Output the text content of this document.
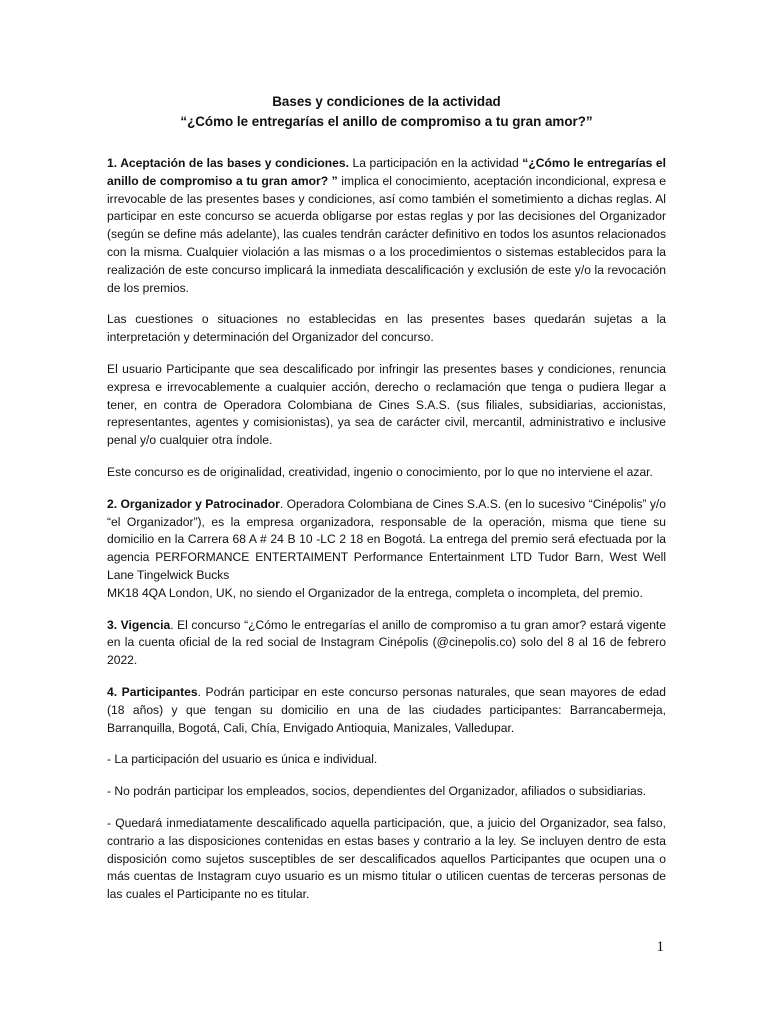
Bases y condiciones de la actividad
“¿Cómo le entregarías el anillo de compromiso a tu gran amor?”

1. Aceptación de las bases y condiciones. La participación en la actividad “¿Cómo le entregarías el anillo de compromiso a tu gran amor? ” implica el conocimiento, aceptación incondicional, expresa e irrevocable de las presentes bases y condiciones, así como también el sometimiento a dichas reglas. Al participar en este concurso se acuerda obligarse por estas reglas y por las decisiones del Organizador (según se define más adelante), las cuales tendrán carácter definitivo en todos los asuntos relacionados con la misma. Cualquier violación a las mismas o a los procedimientos o sistemas establecidos para la realización de este concurso implicará la inmediata descalificación y exclusión de este y/o la revocación de los premios.

Las cuestiones o situaciones no establecidas en las presentes bases quedarán sujetas a la interpretación y determinación del Organizador del concurso.

El usuario Participante que sea descalificado por infringir las presentes bases y condiciones, renuncia expresa e irrevocablemente a cualquier acción, derecho o reclamación que tenga o pudiera llegar a tener, en contra de Operadora Colombiana de Cines S.A.S. (sus filiales, subsidiarias, accionistas, representantes, agentes y comisionistas), ya sea de carácter civil, mercantil, administrativo e inclusive penal y/o cualquier otra índole.

Este concurso es de originalidad, creatividad, ingenio o conocimiento, por lo que no interviene el azar.

2. Organizador y Patrocinador. Operadora Colombiana de Cines S.A.S. (en lo sucesivo “Cinépolis” y/o “el Organizador”), es la empresa organizadora, responsable de la operación, misma que tiene su domicilio en la Carrera 68 A # 24 B 10 -LC 2 18 en Bogotá. La entrega del premio será efectuada por la agencia PERFORMANCE ENTERTAIMENT Performance Entertainment LTD Tudor Barn, West Well Lane Tingelwick Bucks
MK18 4QA London, UK, no siendo el Organizador de la entrega, completa o incompleta, del premio.

3. Vigencia. El concurso “¿Cómo le entregarías el anillo de compromiso a tu gran amor? estará vigente en la cuenta oficial de la red social de Instagram Cinépolis (@cinepolis.co) solo del 8 al 16 de febrero 2022.

4. Participantes. Podrán participar en este concurso personas naturales, que sean mayores de edad (18 años) y que tengan su domicilio en una de las ciudades participantes: Barrancabermeja, Barranquilla, Bogotá, Cali, Chía, Envigado Antioquia, Manizales, Valledupar.

- La participación del usuario es única e individual.

- No podrán participar los empleados, socios, dependientes del Organizador, afiliados o subsidiarias.

- Quedará inmediatamente descalificado aquella participación, que, a juicio del Organizador, sea falso, contrario a las disposiciones contenidas en estas bases y contrario a la ley. Se incluyen dentro de esta disposición como sujetos susceptibles de ser descalificados aquellos Participantes que ocupen una o más cuentas de Instagram cuyo usuario es un mismo titular o utilicen cuentas de terceras personas de las cuales el Participante no es titular.

1
